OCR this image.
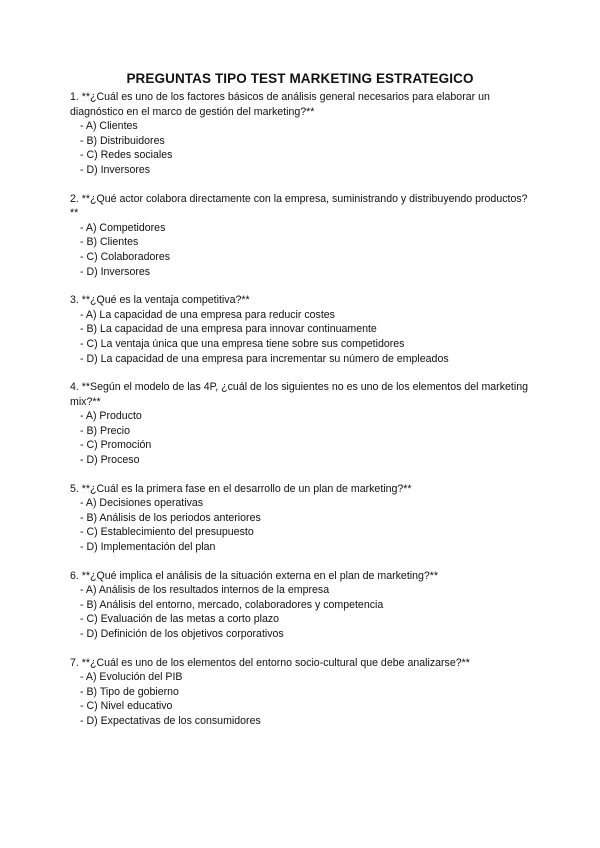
PREGUNTAS TIPO TEST MARKETING ESTRATEGICO

1. **¿Cuál es uno de los factores básicos de análisis general necesarios para elaborar un diagnóstico en el marco de gestión del marketing?**

- A) Clientes
- B) Distribuidores
- C) Redes sociales
- D) Inversores

2. **¿Qué actor colabora directamente con la empresa, suministrando y distribuyendo productos?**

- A) Competidores
- B) Clientes
- C) Colaboradores
- D) Inversores

3. **¿Qué es la ventaja competitiva?**

- A) La capacidad de una empresa para reducir costes
- B) La capacidad de una empresa para innovar continuamente
- C) La ventaja única que una empresa tiene sobre sus competidores
- D) La capacidad de una empresa para incrementar su número de empleados

4. **Según el modelo de las 4P, ¿cuál de los siguientes no es uno de los elementos del marketing mix?**

- A) Producto
- B) Precio
- C) Promoción
- D) Proceso

5. **¿Cuál es la primera fase en el desarrollo de un plan de marketing?**

- A) Decisiones operativas
- B) Análisis de los periodos anteriores
- C) Establecimiento del presupuesto
- D) Implementación del plan

6. **¿Qué implica el análisis de la situación externa en el plan de marketing?**

- A) Análisis de los resultados internos de la empresa
- B) Análisis del entorno, mercado, colaboradores y competencia
- C) Evaluación de las metas a corto plazo
- D) Definición de los objetivos corporativos

7. **¿Cuál es uno de los elementos del entorno socio-cultural que debe analizarse?**

- A) Evolución del PIB
- B) Tipo de gobierno
- C) Nivel educativo
- D) Expectativas de los consumidores
